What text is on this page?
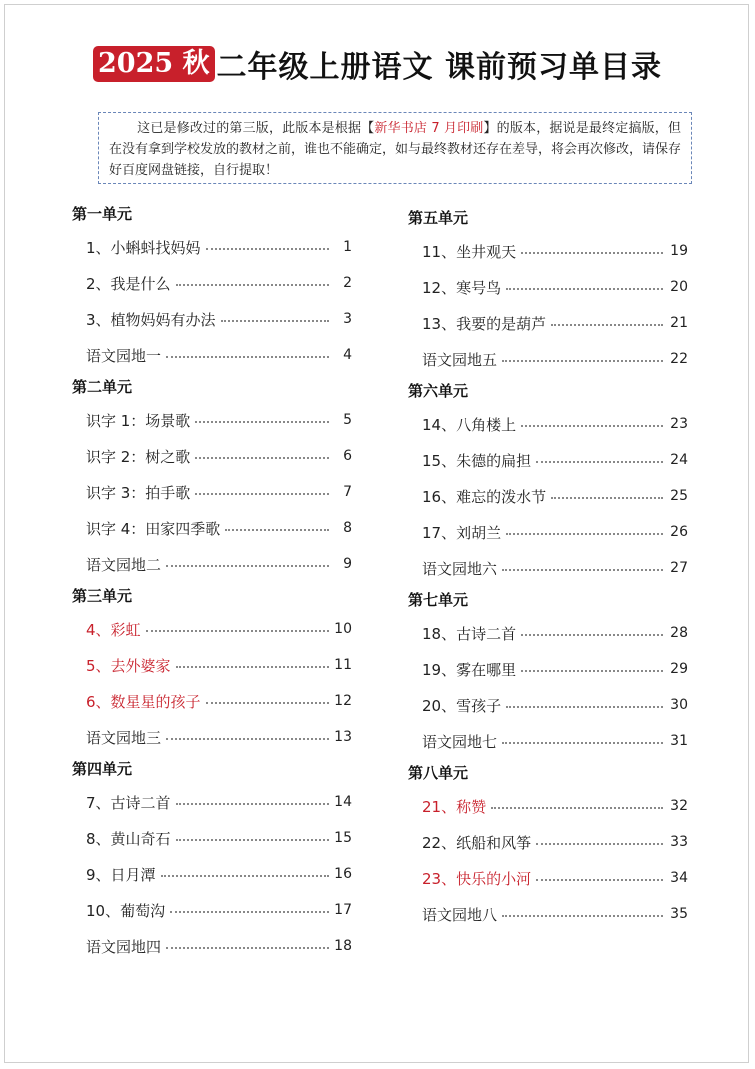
2025 秋 二年级上册语文 课前预习单目录
这已是修改过的第三版，此版本是根据【新华书店 7 月印刷】的版本，据说是最终定搞版，但在没有拿到学校发放的教材之前，谁也不能确定，如与最终教材还存在差导，将会再次修改，请保存好百度网盘链接，自行提取！
第一单元
1、小蝌蚪找妈妈	1
2、我是什么	2
3、植物妈妈有办法	3
语文园地一	4
第二单元
识字 1：场景歌	5
识字 2：树之歌	6
识字 3：拍手歌	7
识字 4：田家四季歌	8
语文园地二	9
第三单元
4、彩虹	10
5、去外婆家	11
6、数星星的孩子	12
语文园地三	13
第四单元
7、古诗二首	14
8、黄山奇石	15
9、日月潭	16
10、葡萄沟	17
语文园地四	18
第五单元
11、坐井观天	19
12、寒号鸟	20
13、我要的是葫芦	21
语文园地五	22
第六单元
14、八角楼上	23
15、朱德的扁担	24
16、难忘的泼水节	25
17、刘胡兰	26
语文园地六	27
第七单元
18、古诗二首	28
19、雾在哪里	29
20、雪孩子	30
语文园地七	31
第八单元
21、称赞	32
22、纸船和风筝	33
23、快乐的小河	34
语文园地八	35
